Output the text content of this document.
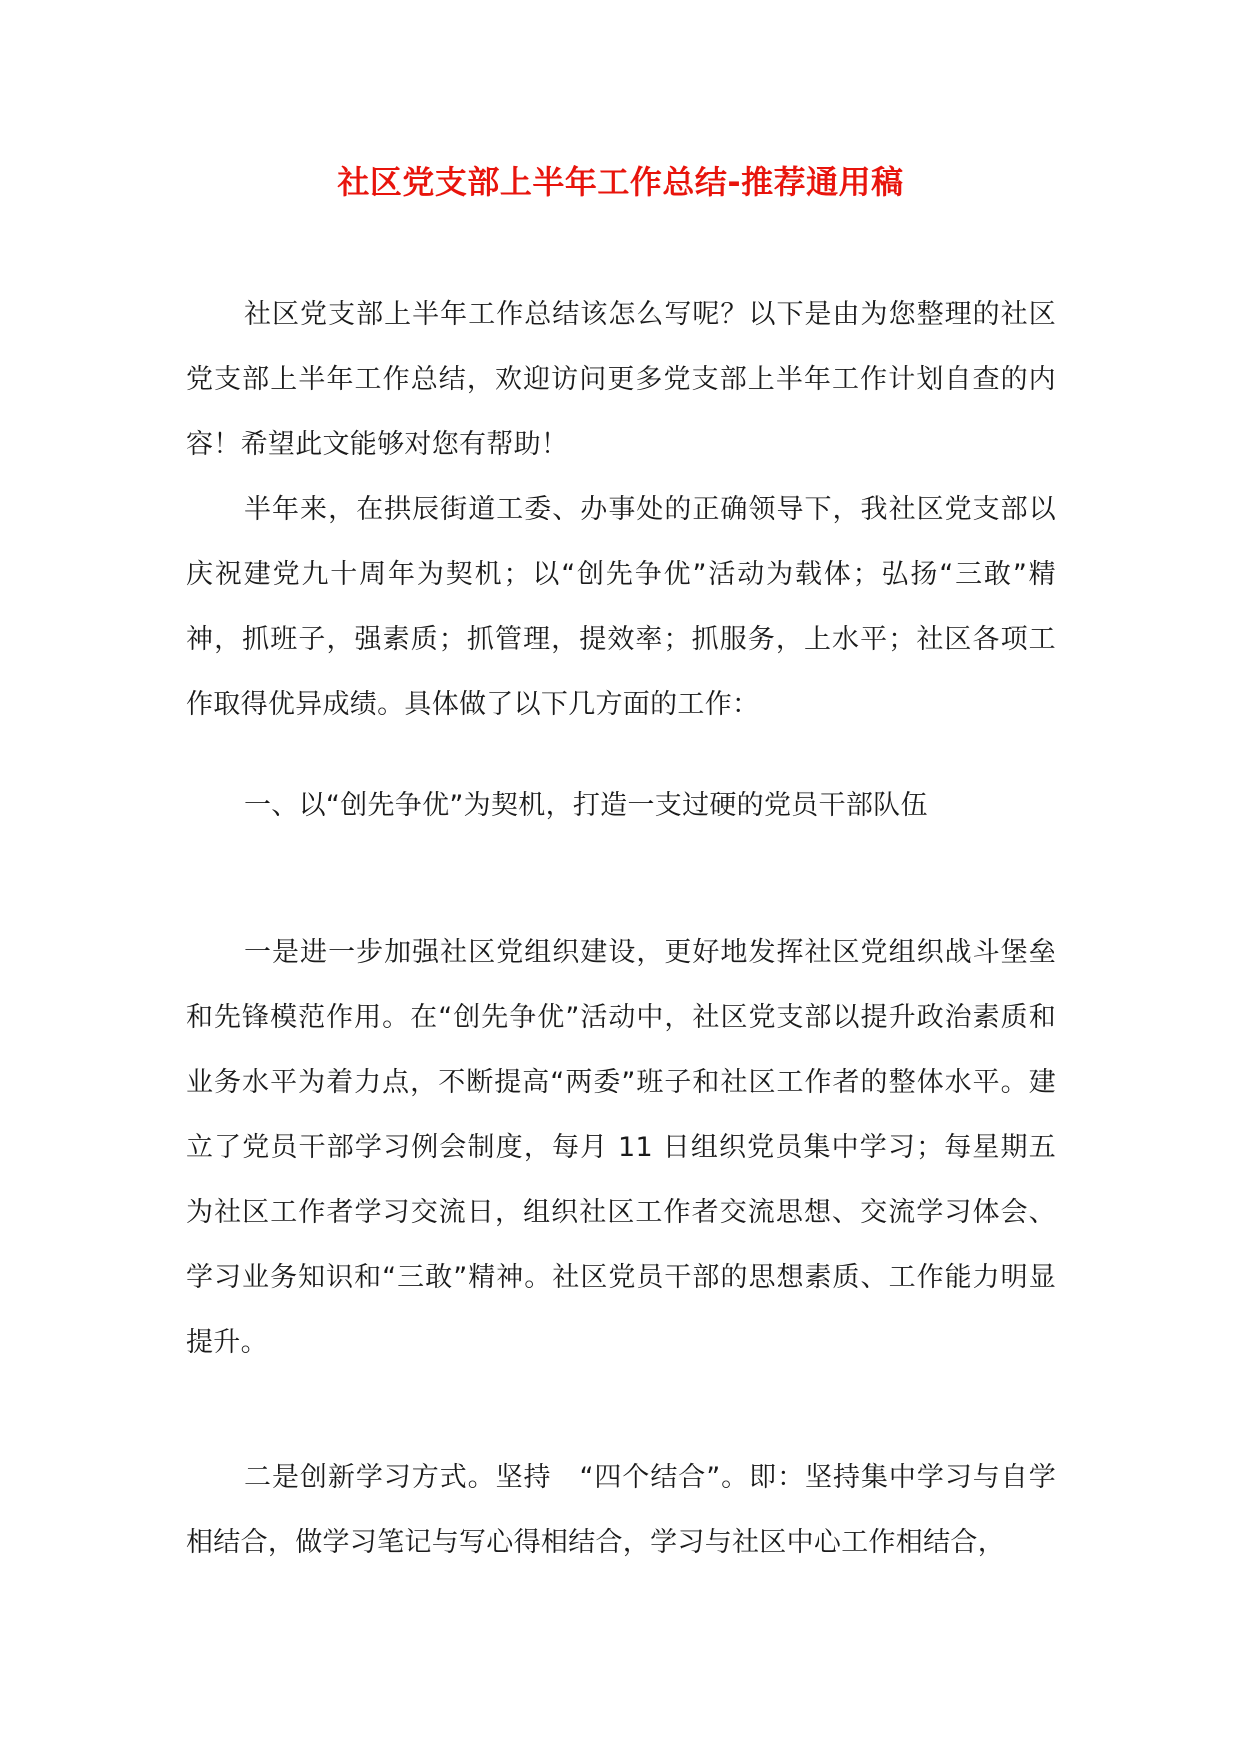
社区党支部上半年工作总结-推荐通用稿

社区党支部上半年工作总结该怎么写呢？以下是由为您整理的社区党支部上半年工作总结，欢迎访问更多党支部上半年工作计划自查的内容！希望此文能够对您有帮助！

半年来，在拱辰街道工委、办事处的正确领导下，我社区党支部以庆祝建党九十周年为契机；以“创先争优”活动为载体；弘扬“三敢”精神，抓班子，强素质；抓管理，提效率；抓服务，上水平；社区各项工作取得优异成绩。具体做了以下几方面的工作：

一、以“创先争优”为契机，打造一支过硬的党员干部队伍

一是进一步加强社区党组织建设，更好地发挥社区党组织战斗堡垒和先锋模范作用。在“创先争优”活动中，社区党支部以提升政治素质和业务水平为着力点，不断提高“两委”班子和社区工作者的整体水平。建立了党员干部学习例会制度，每月 11 日组织党员集中学习；每星期五为社区工作者学习交流日，组织社区工作者交流思想、交流学习体会、学习业务知识和“三敢”精神。社区党员干部的思想素质、工作能力明显提升。

二是创新学习方式。坚持　“四个结合”。即：坚持集中学习与自学相结合，做学习笔记与写心得相结合，学习与社区中心工作相结合，
